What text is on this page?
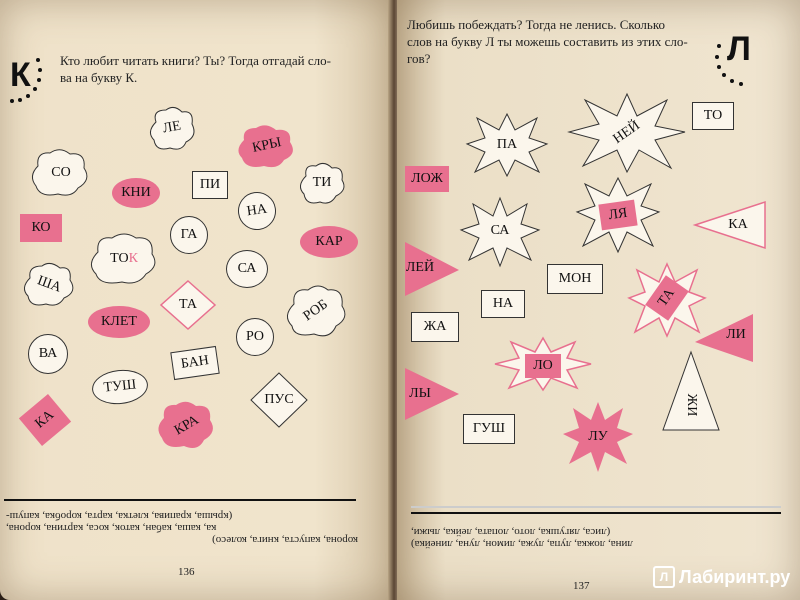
К Кто любит читать книги? Ты? Тогда отгадай сло-
ва на букву К.
ЛЕ
КРЫ
СО
КНИ
ПИ	ТИ
КО
НА
КАР
ГА
ТО К
ША
СА
ТА	РОБ
КЛЕТ
РО
ВА	БАН
ТУШ
ПУС
КА	КРА
корона, капуста, книга, колесо)
ка, каша, кабан, каток, коса, картина, корона,
(крыша, крапива, клетка, карта, коробка, капуш-
136
Любишь побеждать? Тогда не ленись. Сколько
слов на букву Л ты можешь составить из этих сло-
гов?	Л
НЕЙ
ТО
ПА
ЛОЖ
СА
ЛЯ
КА
ЛЕЙ
МОН
НА	ТА
ЖА
ЛИ
ЛО
ЛЫ
ЖИ
ГУШ
ЛУ
лина, ложка, лупа, лужа, лимон, луна, линейка)
(лиса, лягушка, лото, лопата, лейка, лыжи,
137
Л Лабиринт.ру
